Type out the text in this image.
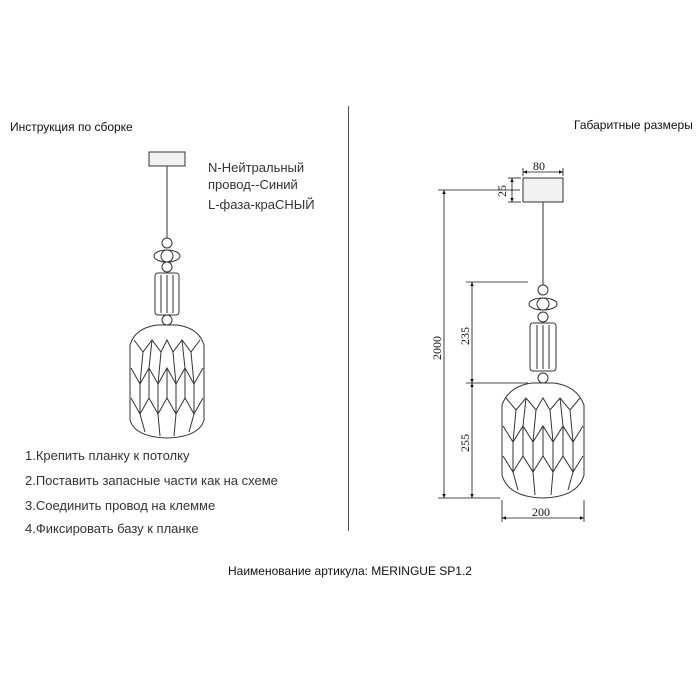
Инструкция по сборке	Габаритные размеры
N-Нейтральный
провод--Синий
L-фаза-краСНЫЙ
1.Крепить планку к потолку
2.Поставить запасные части как на схеме
3.Соединить провод на клемме
4.Фиксировать базу к планке
Наименование артикула: MERINGUE SP1.2
80
25
2000 235
255
200
